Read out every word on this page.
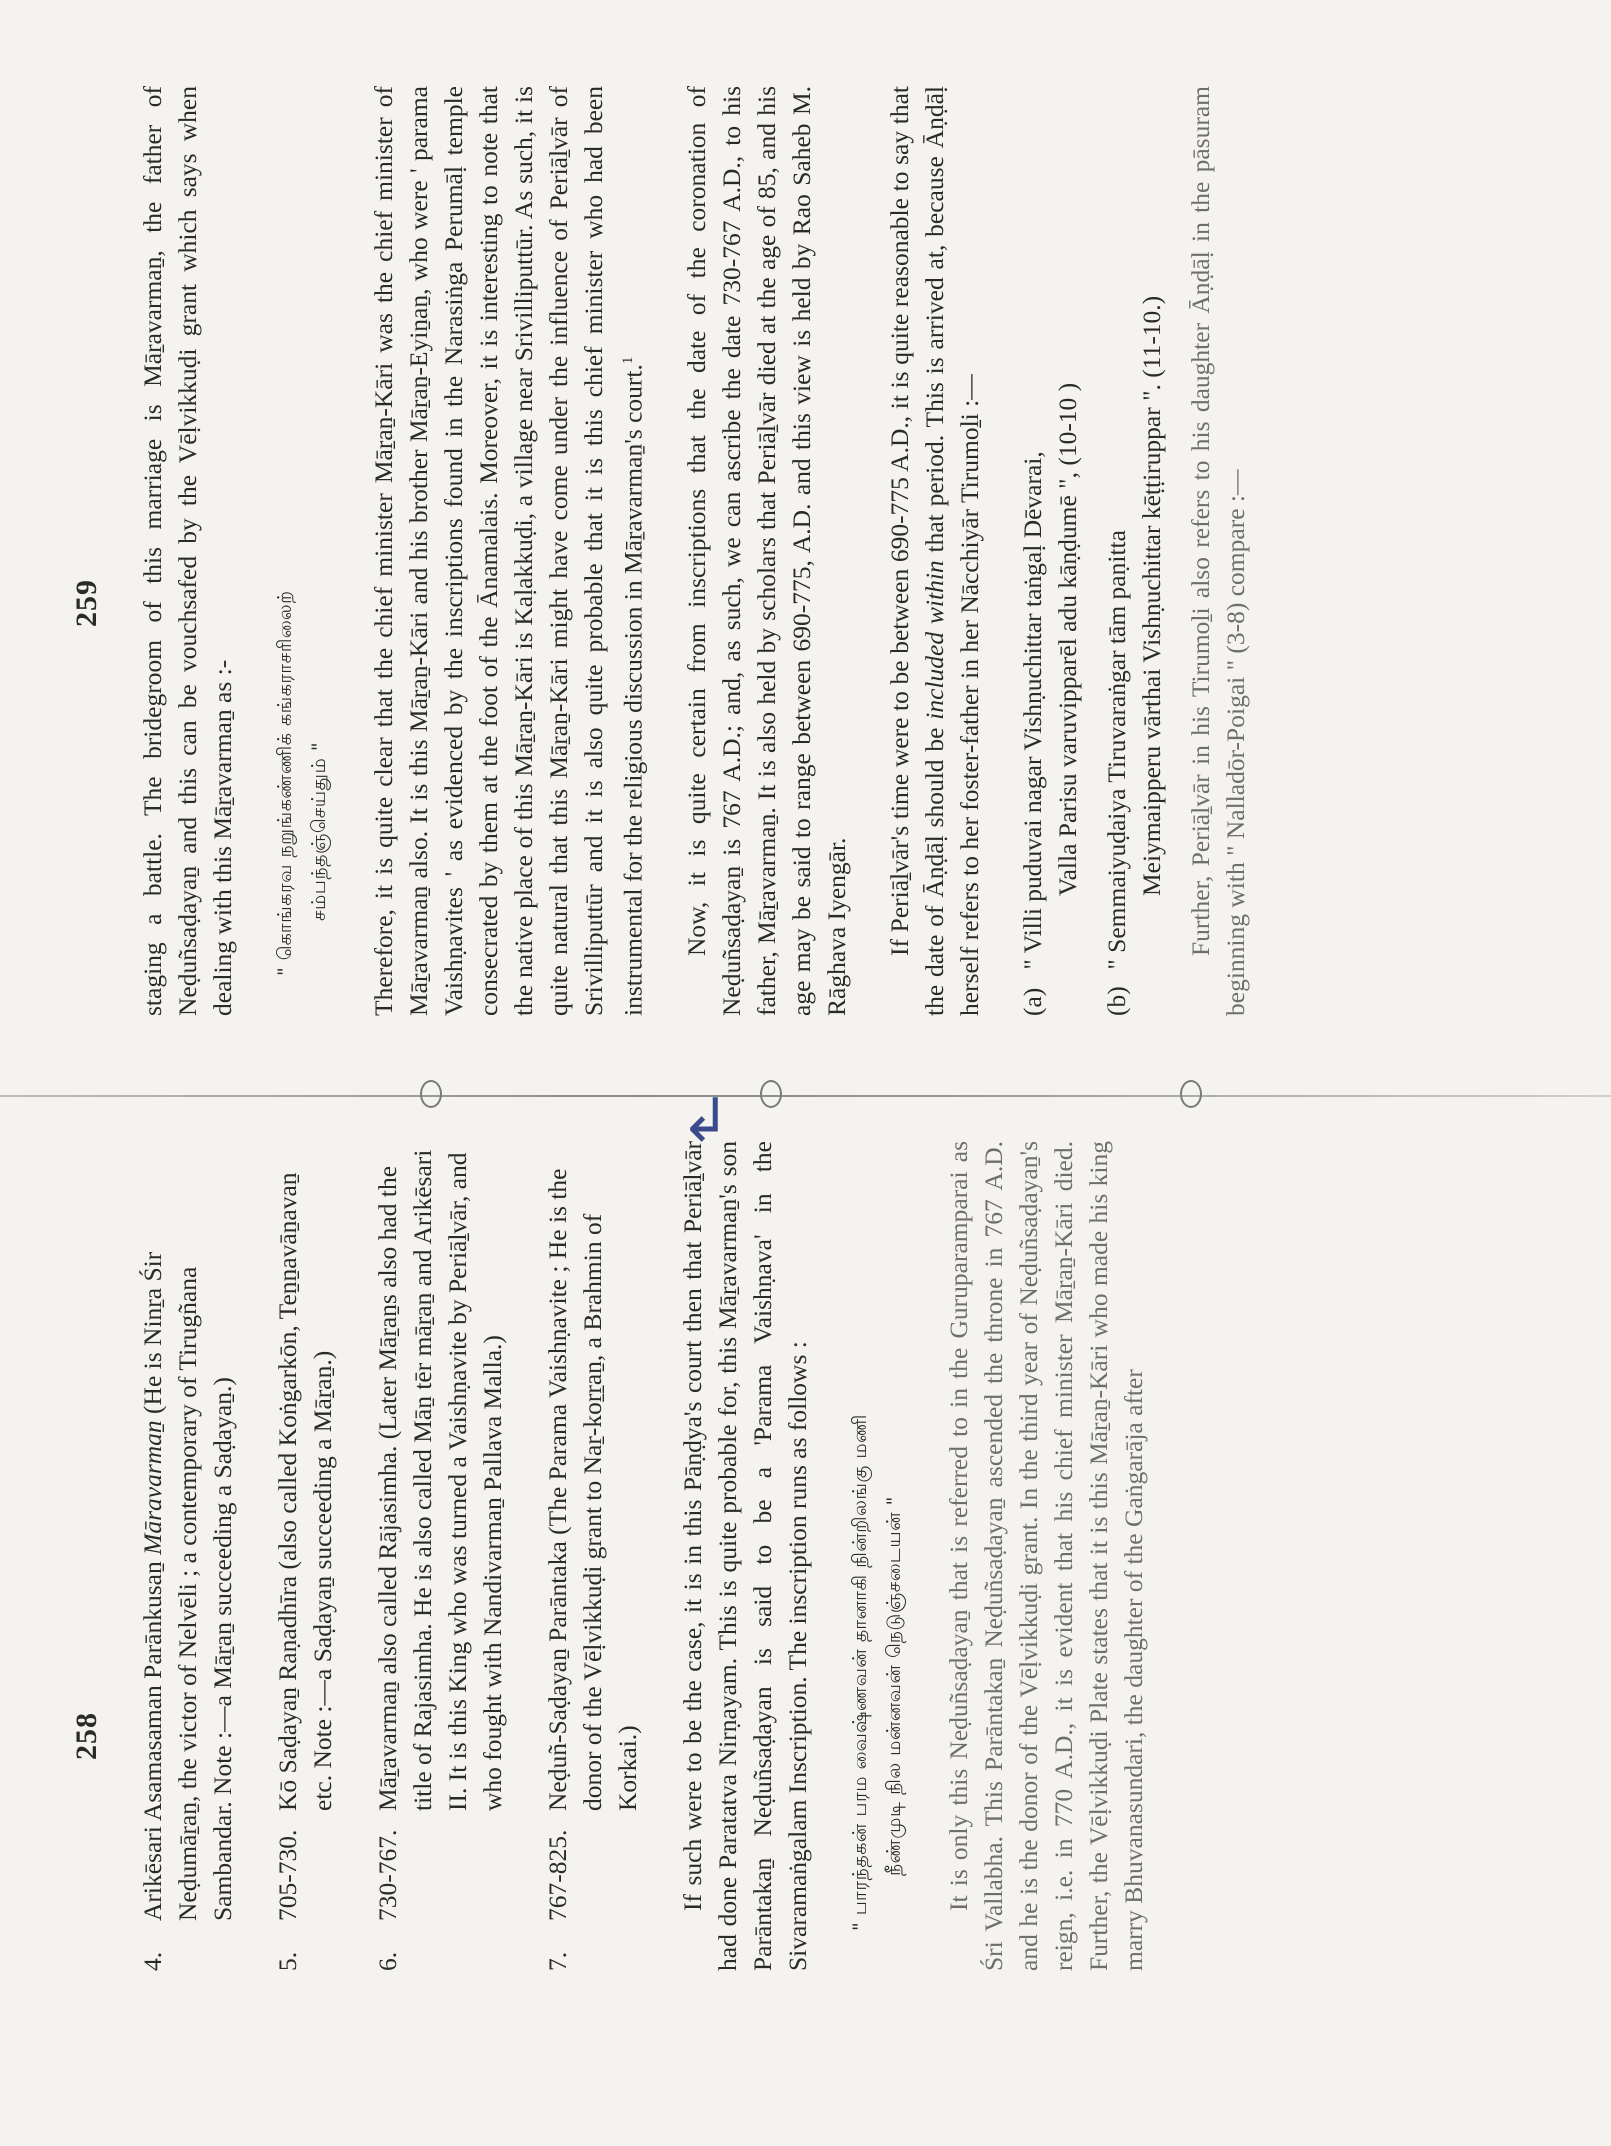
258
4.
Arikēsari Asamasaman Parānkusaṉ Māravarmaṉ (He is Ninṟa Śir Neḍumāṟaṉ, the victor of Nelvēli ; a contemporary of Tirugñana Sambandar. Note :—a Māṟaṉ succeeding a Saḍayaṉ.)
5.
705-730.
Kō Saḍayaṉ Raṇadhīra (also called Koṅgarkōn, Teṉṉavāṉavaṉ etc. Note :—a Saḍayaṉ succeeding a Māṟaṉ.)
6.
730-767.
Māṟavarmaṉ also called Rājasimha. (Later Māṟaṉs also had the title of Rajasimha. He is also called Māṉ tēr māṟaṉ and Arikēsari II. It is this King who was turned a Vaishṇavite by Periāḻvār, and who fought with Nandivarmaṉ Pallava Malla.)
7.
767-825.
Neḍuñ-Saḍayaṉ Parāntaka (The Parama Vaishṇavite ; He is the donor of the Vēḷvikkuḍi grant to Naṟ-koṟṟaṉ, a Brahmin of Korkai.) If such were to be the case, it is in this Pāṇḍya's court then that Periāḻvār had done Paratatva Nirṇayam. This is quite probable for, this Māṟavarmaṉ's son Parāntakaṉ Neḍuñsaḍayan is said to be a 'Parama Vaishṇava' in the Sivaramaṅgalam Inscription. The inscription runs as follows :	" பாரந்தகன் பரம வைஷ்ணவன் தானாகி நின்றிலங்கு மணி நீண்முடி நில மன்னவன் நெடுஞ்சடையன் " It is only this Neḍuñsaḍayaṉ that is referred to in the Guruparamparai as Śri Vallabha. This Parāntakaṉ Neḍuñsaḍayaṉ ascended the throne in 767 A.D. and he is the donor of the Vēḷvikkuḍi grant. In the third year of Neḍuñsaḍayaṉ's reign, i.e. in 770 A.D., it is evident that his chief minister Māṟaṉ-Kāri died. Further, the Vēḷvikkuḍi Plate states that it is this Māṟaṉ-Kāri who made his king marry Bhuvanasundari, the daughter of the Gaṅgarāja after

↲
259 staging a battle. The bridegroom of this marriage is Māṟavarmaṉ, the father of Neḍuñsaḍayaṉ and this can be vouchsafed by the Vēḷvikkuḍi grant which says when dealing with this Māṟavarmaṉ as :-	" கொங்கரவ நறுங்கண்ணிக் கங்கராசரிலைற் சம்பந்தஞ்செய்தும் " Therefore, it is quite clear that the chief minister Māṟaṉ-Kāri was the chief minister of Māṟavarmaṉ also. It is this Māṟaṉ-Kāri and his brother Māṟaṉ-Eyiṉaṉ, who were ' parama Vaishṇavites ' as evidenced by the inscriptions found in the Narasiṅga Perumāḷ temple consecrated by them at the foot of the Ānamalais. Moreover, it is interesting to note that the native place of this Māṟaṉ-Kāri is Kaḷakkuḍi, a village near Srivilliputtūr. As such, it is quite natural that this Māṟaṉ-Kāri might have come under the influence of Periāḻvār of Srivilliputtūr and it is also quite probable that it is this chief minister who had been instrumental for the religious discussion in Māṟavarmaṉ's court.$^1$	Now, it is quite certain from inscriptions that the date of the coronation of Neḍuñsaḍayaṉ is 767 A.D.; and, as such, we can ascribe the date 730-767 A.D., to his father, Māṟavarmaṉ. It is also held by scholars that Periāḻvār died at the age of 85, and his age may be said to range between 690-775, A.D. and this view is held by Rao Saheb M. Rāghava Iyengār. If Periāḻvār's time were to be between 690-775 A.D., it is quite reasonable to say that the date of Āṇḍāḷ should be included within that period. This is arrived at, because Āṇḍāḷ herself refers to her foster-father in her Nācchiyār Tirumoḻi :— (a) " Villi puduvai nagar Vishṇuchittar taṅgaḷ Dēvarai, Valla Parisu varuvipparēl adu kāṇḍumē ", (10-10 )
(b) " Semmaiyuḍaiya Tiruvaraṅgar tām paṇitta Meiymaipperu vārthai Vishṇuchittar kēṭṭiruppar ". (11-10.) Further, Periāḻvār in his Tirumoḻi also refers to his daughter Āṇḍāḷ in the pāsuram beginning with " Nalladōr-Poigai " (3-8) compare :—
